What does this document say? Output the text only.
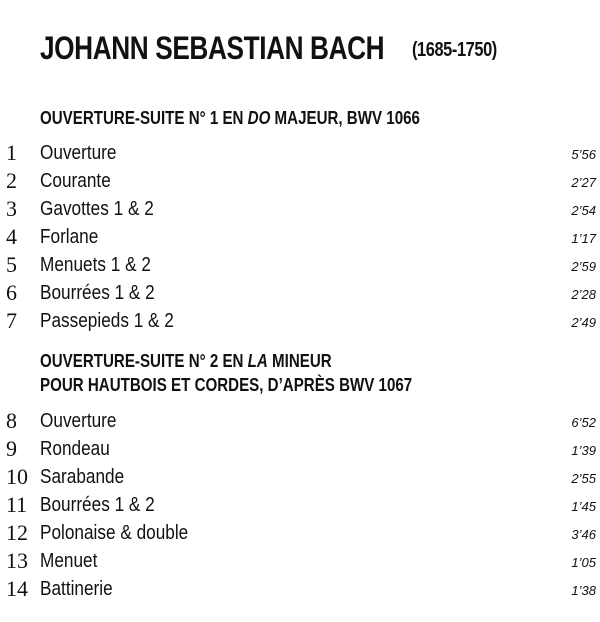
JOHANN SEBASTIAN BACH (1685-1750)
OUVERTURE-SUITE N° 1 EN DO MAJEUR, BWV 1066
1 Ouverture	5’56
2 Courante	2’27
3 Gavottes 1 & 2	2’54
4 Forlane	1’17
5 Menuets 1 & 2	2’59
6 Bourrées 1 & 2	2’28
7 Passepieds 1 & 2	2’49
OUVERTURE-SUITE N° 2 EN LA MINEUR
POUR HAUTBOIS ET CORDES, D’APRÈS BWV 1067
8 Ouverture	6’52
9 Rondeau	1’39
10 Sarabande	2’55
11 Bourrées 1 & 2	1’45
12 Polonaise & double	3’46
13 Menuet	1’05
14 Battinerie	1’38
